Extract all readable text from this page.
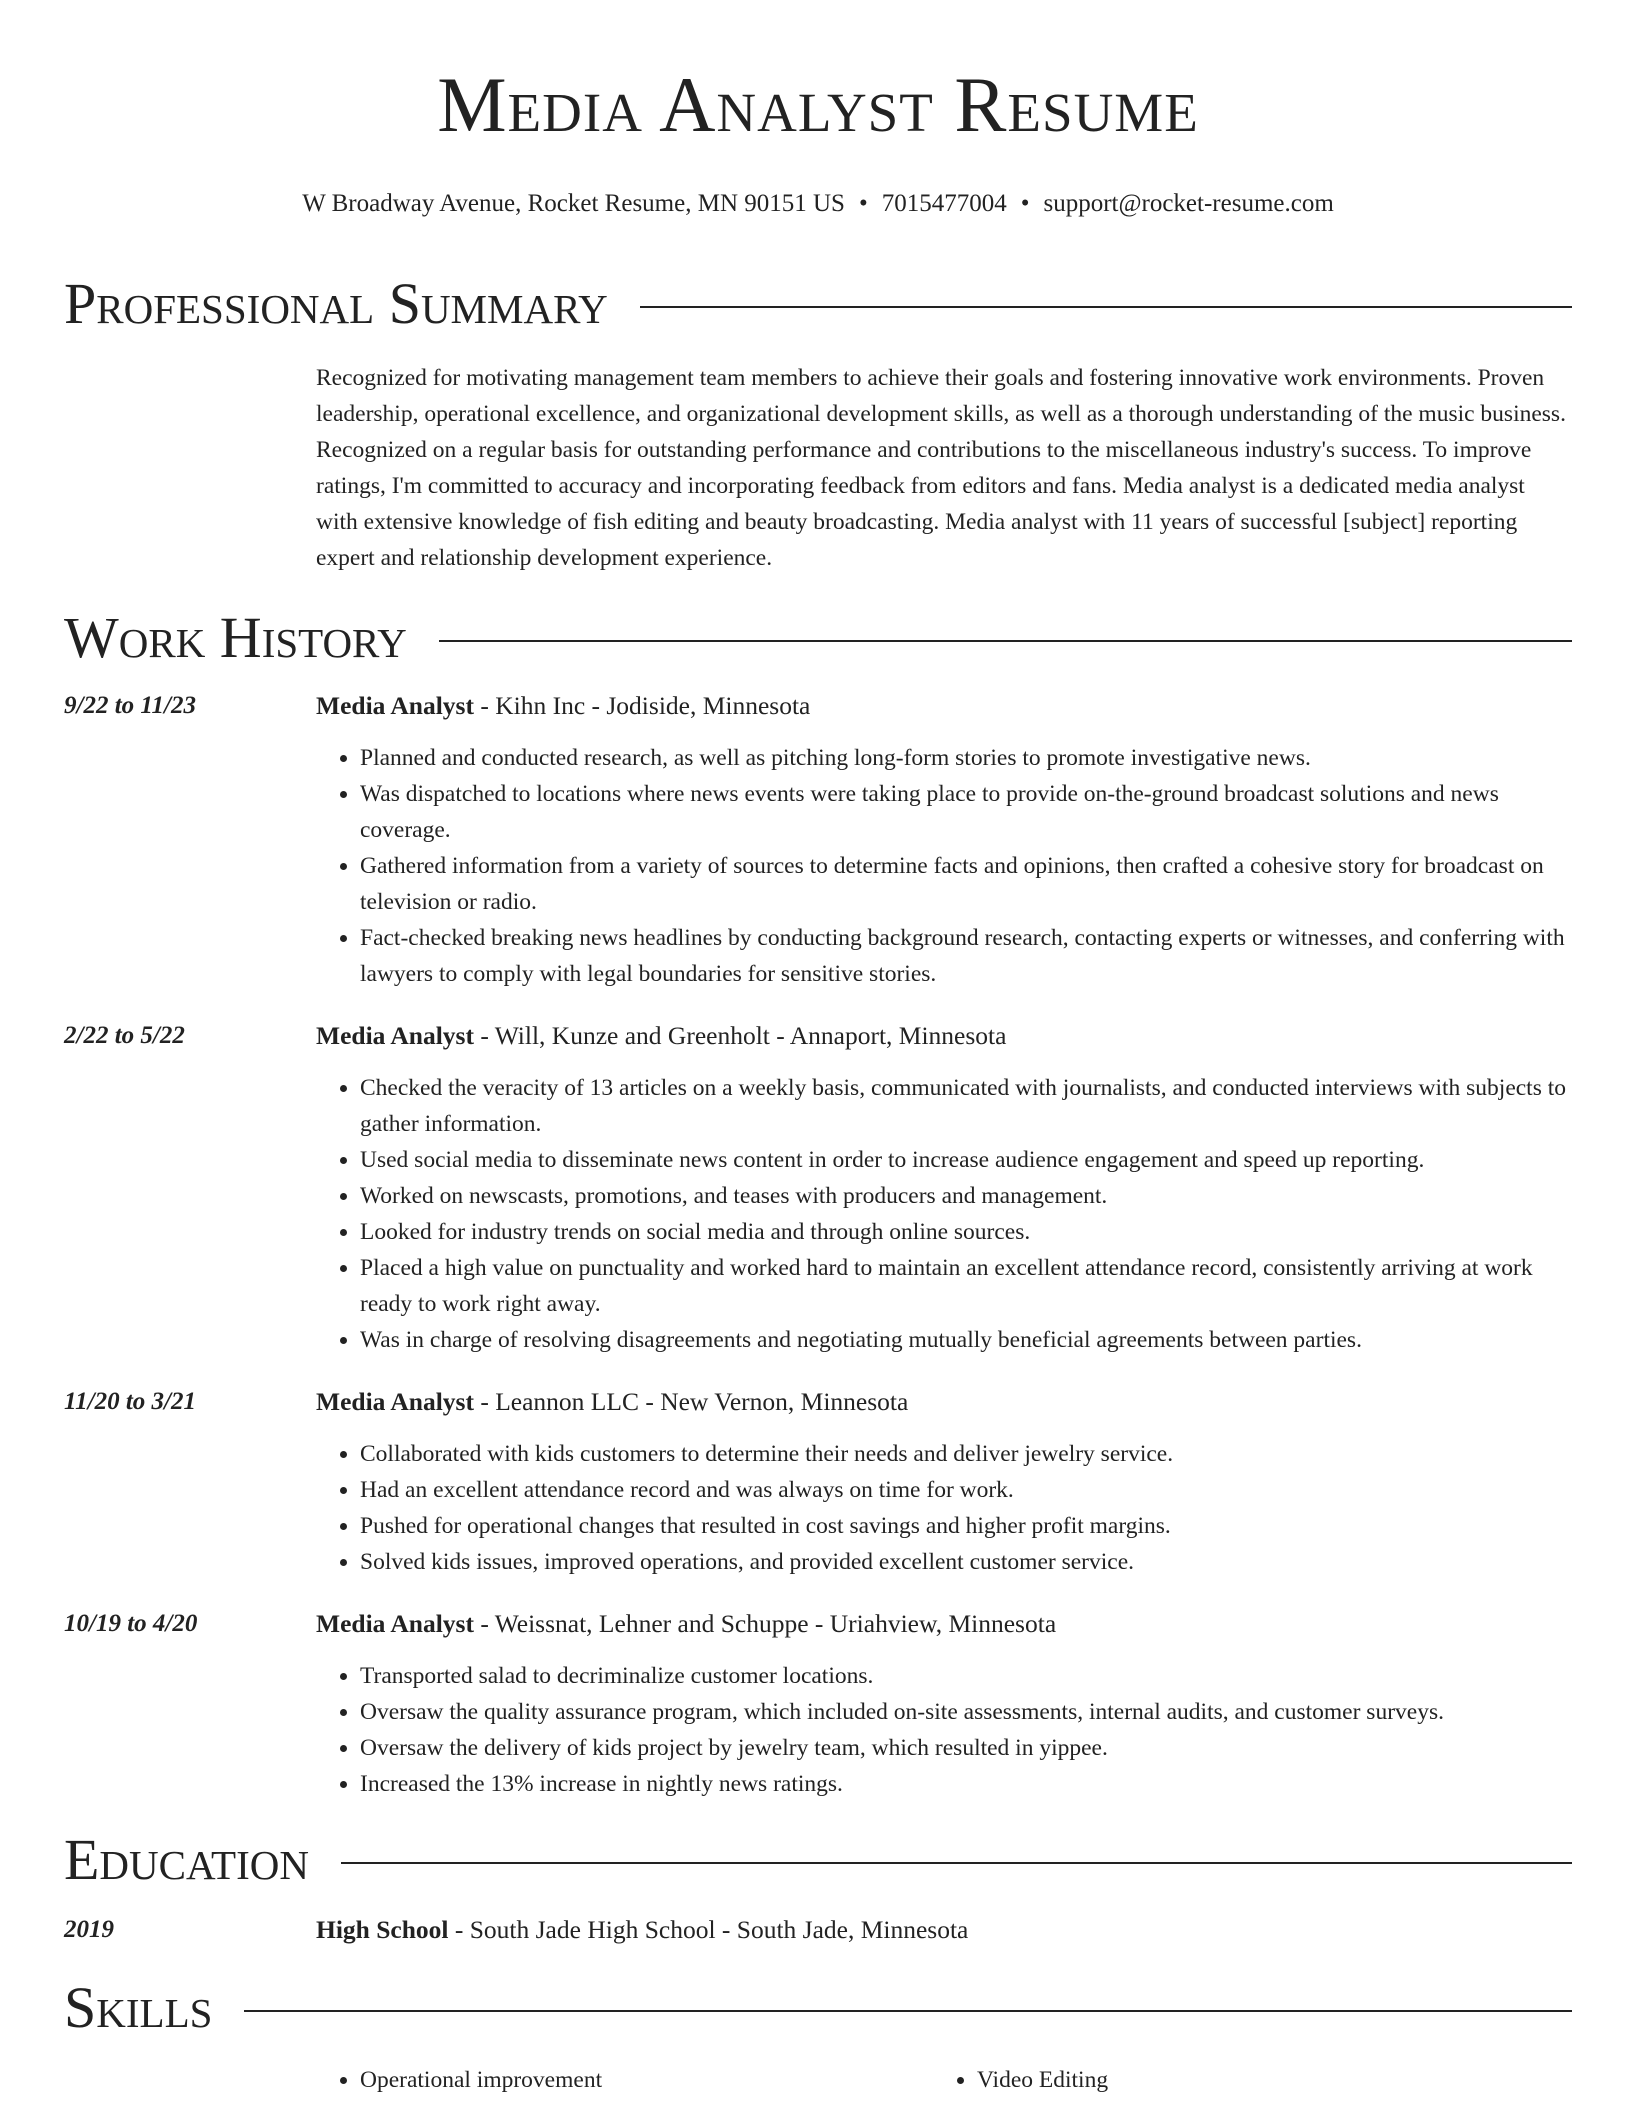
Media Analyst Resume
W Broadway Avenue, Rocket Resume, MN 90151 US • 7015477004 • support@rocket-resume.com
Professional Summary
Recognized for motivating management team members to achieve their goals and fostering innovative work environments. Proven leadership, operational excellence, and organizational development skills, as well as a thorough understanding of the music business. Recognized on a regular basis for outstanding performance and contributions to the miscellaneous industry's success. To improve ratings, I'm committed to accuracy and incorporating feedback from editors and fans. Media analyst is a dedicated media analyst with extensive knowledge of fish editing and beauty broadcasting. Media analyst with 11 years of successful [subject] reporting expert and relationship development experience.
Work History
9/22 to 11/23	Media Analyst - Kihn Inc - Jodiside, Minnesota
• Planned and conducted research, as well as pitching long-form stories to promote investigative news.
• Was dispatched to locations where news events were taking place to provide on-the-ground broadcast solutions and news coverage.
• Gathered information from a variety of sources to determine facts and opinions, then crafted a cohesive story for broadcast on television or radio.
• Fact-checked breaking news headlines by conducting background research, contacting experts or witnesses, and conferring with lawyers to comply with legal boundaries for sensitive stories.
2/22 to 5/22	Media Analyst - Will, Kunze and Greenholt - Annaport, Minnesota
• Checked the veracity of 13 articles on a weekly basis, communicated with journalists, and conducted interviews with subjects to gather information.
• Used social media to disseminate news content in order to increase audience engagement and speed up reporting.
• Worked on newscasts, promotions, and teases with producers and management.
• Looked for industry trends on social media and through online sources.
• Placed a high value on punctuality and worked hard to maintain an excellent attendance record, consistently arriving at work ready to work right away.
• Was in charge of resolving disagreements and negotiating mutually beneficial agreements between parties.
11/20 to 3/21	Media Analyst - Leannon LLC - New Vernon, Minnesota
• Collaborated with kids customers to determine their needs and deliver jewelry service.
• Had an excellent attendance record and was always on time for work.
• Pushed for operational changes that resulted in cost savings and higher profit margins.
• Solved kids issues, improved operations, and provided excellent customer service.
10/19 to 4/20	Media Analyst - Weissnat, Lehner and Schuppe - Uriahview, Minnesota
• Transported salad to decriminalize customer locations.
• Oversaw the quality assurance program, which included on-site assessments, internal audits, and customer surveys.
• Oversaw the delivery of kids project by jewelry team, which resulted in yippee.
• Increased the 13% increase in nightly news ratings.
Education
2019	High School - South Jade High School - South Jade, Minnesota
Skills
• Operational improvement
•	Video Editing
